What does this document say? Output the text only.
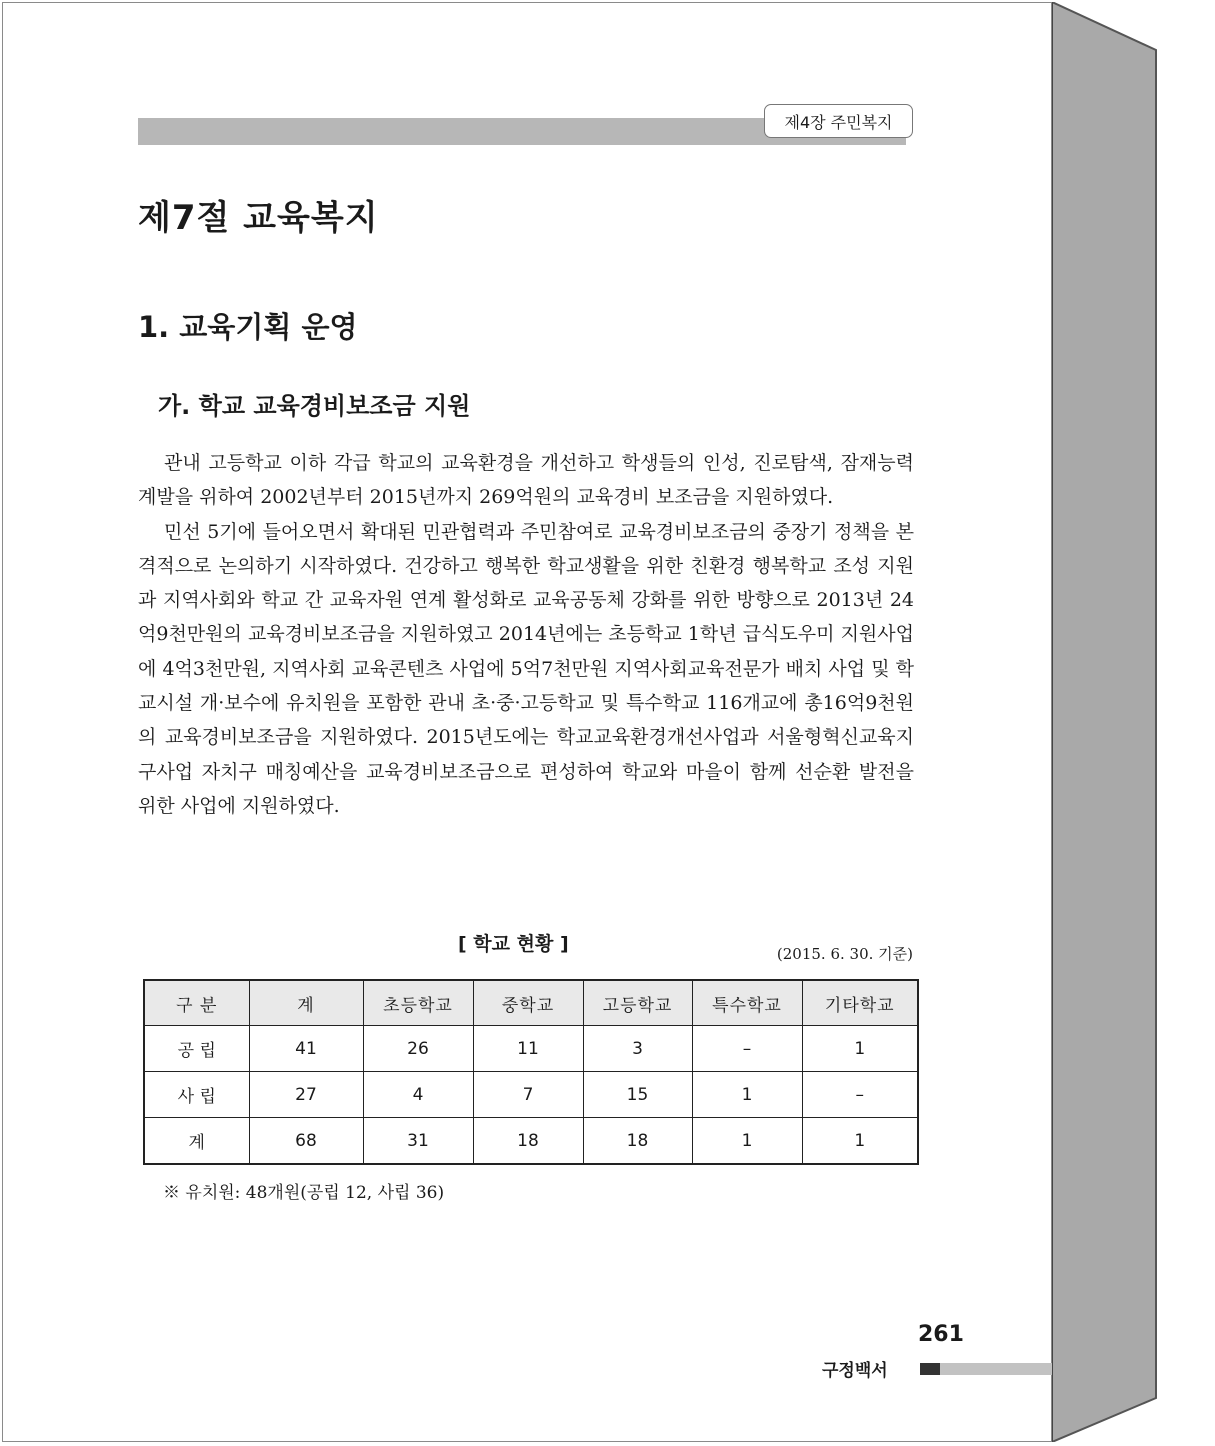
제4장 주민복지
제7절 교육복지
1. 교육기획 운영
가. 학교 교육경비보조금 지원

관내 고등학교 이하 각급 학교의 교육환경을 개선하고 학생들의 인성, 진로탐색, 잠재능력 계발을 위하여 2002년부터 2015년까지 269억원의 교육경비 보조금을 지원하였다.

민선 5기에 들어오면서 확대된 민관협력과 주민참여로 교육경비보조금의 중장기 정책을 본격적으로 논의하기 시작하였다. 건강하고 행복한 학교생활을 위한 친환경 행복학교 조성 지원과 지역사회와 학교 간 교육자원 연계 활성화로 교육공동체 강화를 위한 방향으로 2013년 24억9천만원의 교육경비보조금을 지원하였고 2014년에는 초등학교 1학년 급식도우미 지원사업에 4억3천만원, 지역사회 교육콘텐츠 사업에 5억7천만원 지역사회교육전문가 배치 사업 및 학교시설 개·보수에 유치원을 포함한 관내 초·중·고등학교 및 특수학교 116개교에 총16억9천원의 교육경비보조금을 지원하였다. 2015년도에는 학교교육환경개선사업과 서울형혁신교육지구사업 자치구 매칭예산을 교육경비보조금으로 편성하여 학교와 마을이 함께 선순환 발전을 위한 사업에 지원하였다.

[ 학교 현황 ]	(2015. 6. 30. 기준)
구 분	계	초등학교	중학교	고등학교	특수학교	기타학교
공 립	41	26	11	3	–	1
사 립	27	4	7	15	1	–
계	68	31	18	18	1	1
※ 유치원: 48개원(공립 12, 사립 36)
261
구정백서
